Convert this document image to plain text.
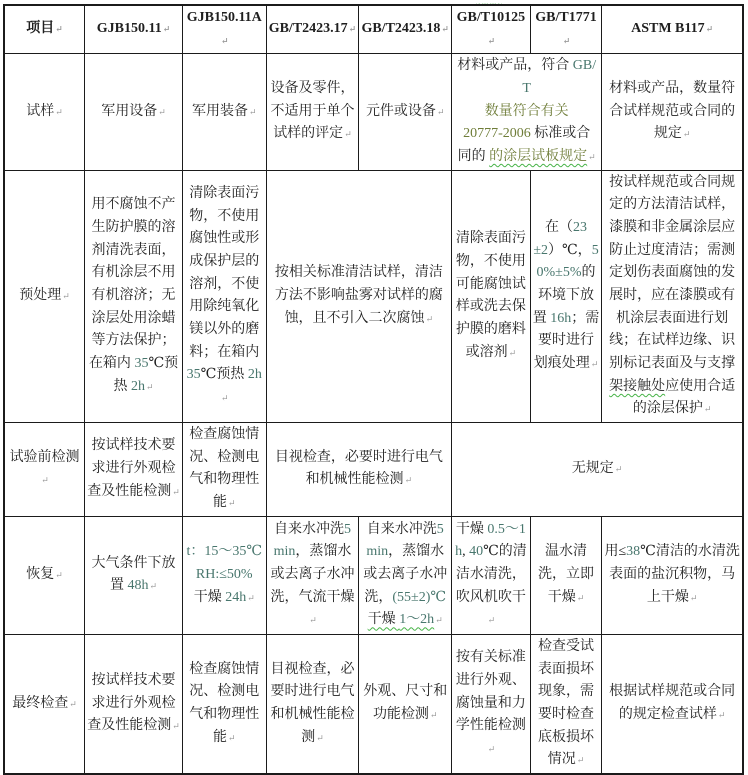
项目↵	GJB150.11↵	GJB150.11A↵	GB/T2423.17↵	GB/T2423.18↵	GB/T10125↵	GB/T1771↵	ASTM B117↵
试样↵	军用设备↵	军用装备↵	设备及零件，不适用于单个试样的评定↵	元件或设备↵	材料或产品，符合 GB/T
数量符合有关
20777-2006 标准或合
同的 的涂层试板规定↵		材料或产品，数量符合试样规范或合同的 规定↵
预处理↵	用不腐蚀不产生防护膜的溶剂清洗表面，有机涂层不用有机溶济；无涂层处用涂蜡等方法保护；在箱内 35℃预热 2h↵	清除表面污物，不使用腐蚀性或形成保护层的溶剂，不使用除纯氧化镁以外的磨料；在箱内 35℃预热 2h↵	按相关标准清洁试样，清洁方法不影响盐雾对试样的腐蚀，且不引入二次腐蚀↵		清除表面污物，不使用可能腐蚀试样或洗去保护膜的磨料或溶剂↵	在（23±2）℃，50%±5%的环境下放置 16h；需要时进行划痕处理↵	按试样规范或合同规定的方法清洁试样，漆膜和非金属涂层应防止过度清洁；需测定划伤表面腐蚀的发展时，应在漆膜或有机涂层表面进行划线；在试样边缘、识别标记表面及与支撑架接触处应使用合适的涂层保护↵
试验前检测↵	按试样技术要求进行外观检查及性能检测↵	检查腐蚀情况、检测电气和物理性能↵	目视检查，必要时进行电气和机械性能检测↵		无规定↵		
恢复↵	大气条件下放置 48h↵	t：15～35℃
RH:≤50%
干燥 24h↵	自来水冲洗5min，蒸馏水或去离子水冲洗，气流干燥↵	自来水冲洗5min，蒸馏水或去离子水冲洗，(55±2)℃ 干燥 1～2h↵	干燥 0.5～1h, 40℃的清洁水清洗，吹风机吹干↵	温水清洗，立即干燥↵	用≤38℃清洁的水清洗表面的盐沉积物，马上干燥↵
最终检查↵	按试样技术要求进行外观检查及性能检测↵	检查腐蚀情况、检测电气和物理性能↵	目视检查，必要时进行电气和机械性能检测↵	外观、尺寸和功能检测↵	按有关标准进行外观、腐蚀量和力学性能检测↵	检查受试表面损坏现象，需要时检查底板损坏情况↵	根据试样规范或合同的规定检查试样↵
